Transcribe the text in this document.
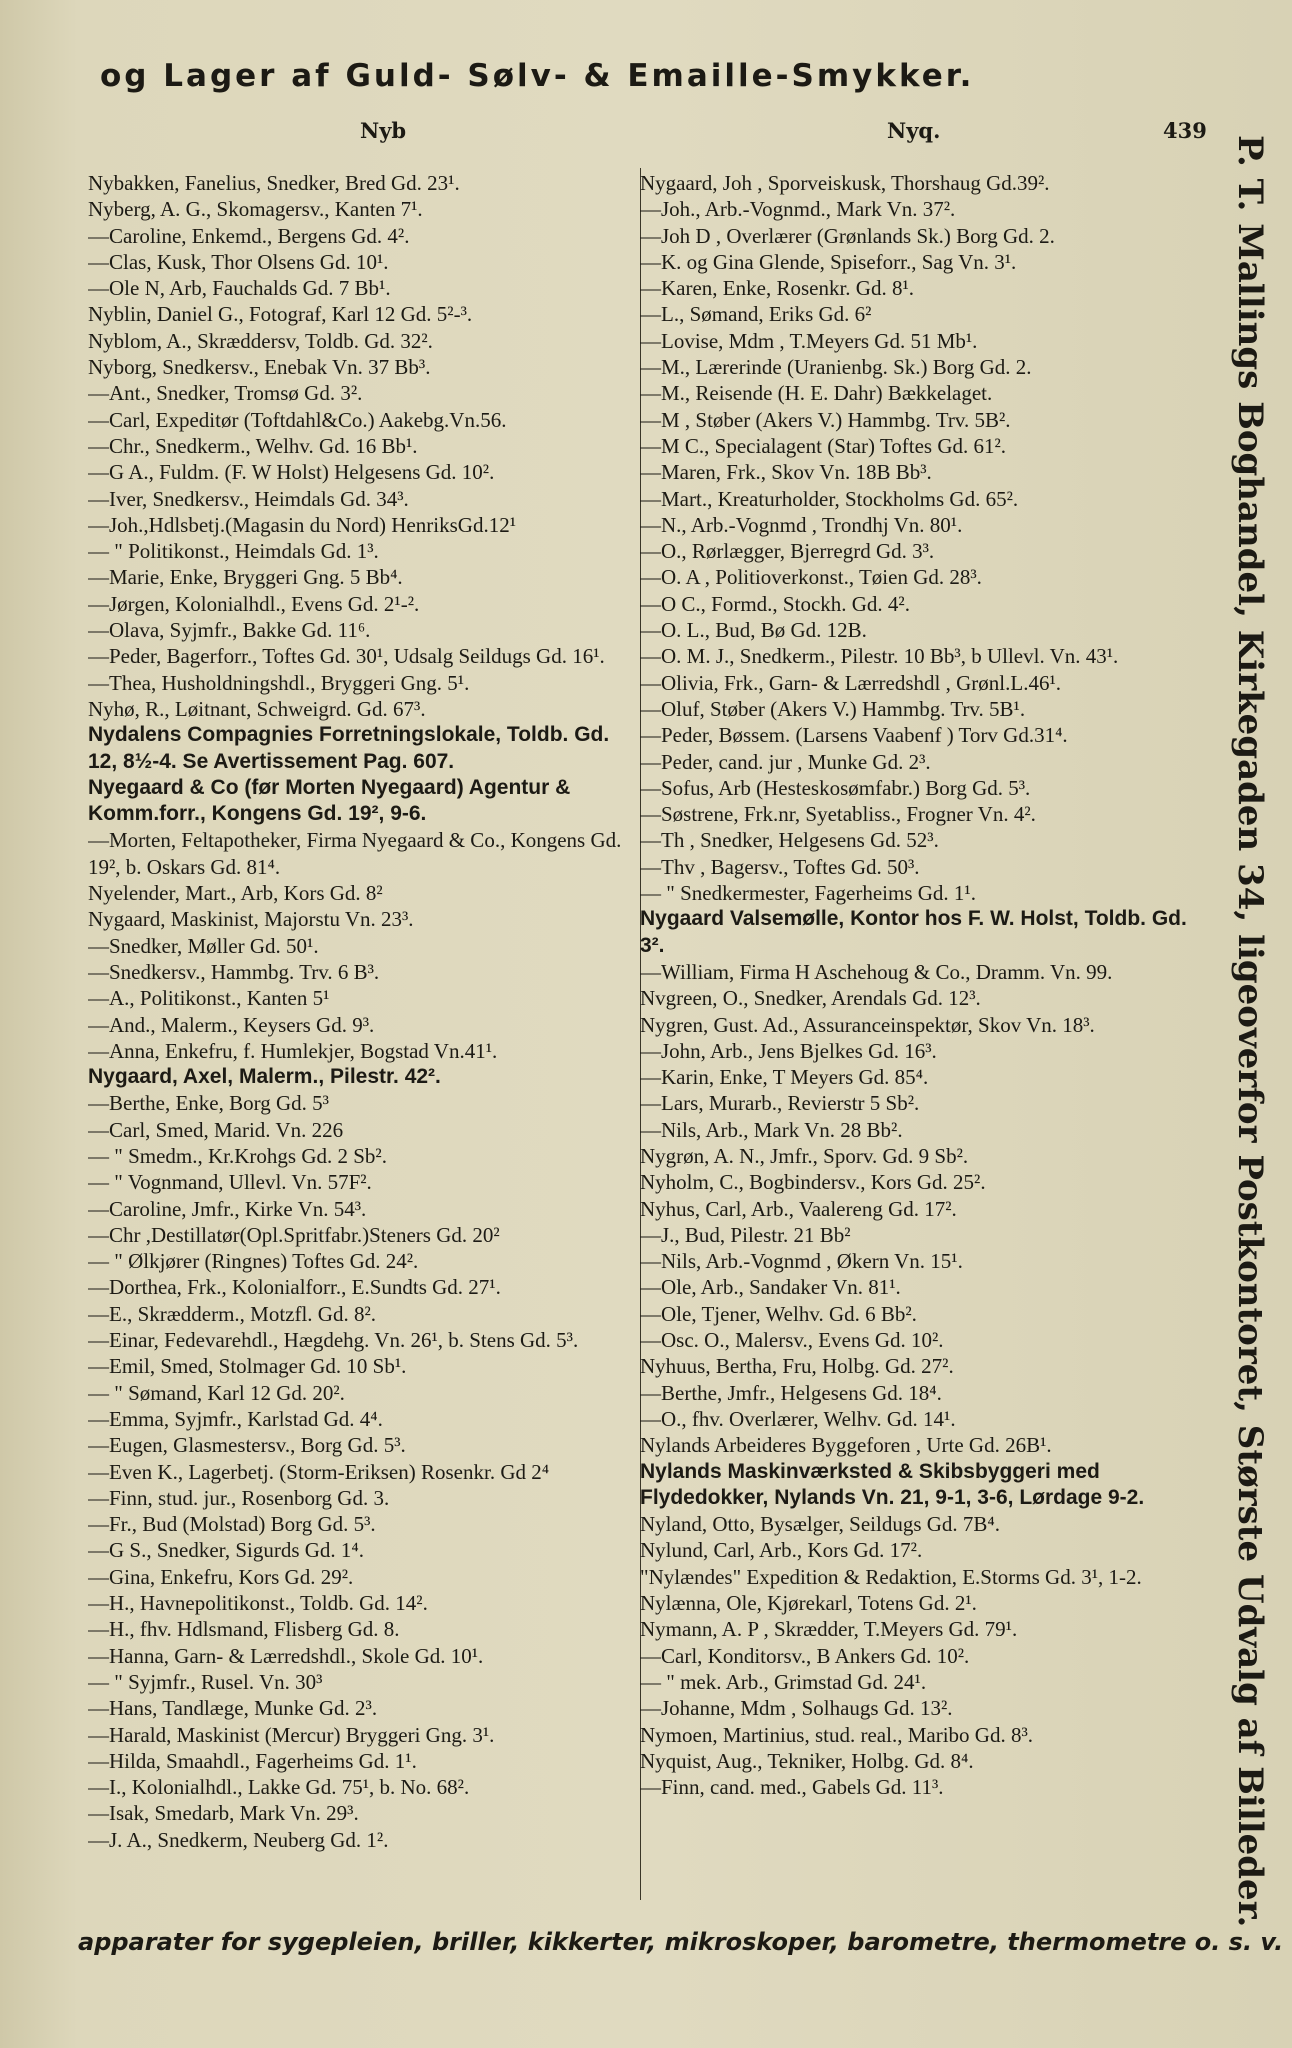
og Lager af Guld- Sølv- & Emaille-Smykker.
Nyb	Nyq.	439
Nybakken, Fanelius, Snedker, Bred Gd. 23¹.
Nyberg, A. G., Skomagersv., Kanten 7¹.
—Caroline, Enkemd., Bergens Gd. 4².
—Clas, Kusk, Thor Olsens Gd. 10¹.
—Ole N, Arb, Fauchalds Gd. 7 Bb¹.
Nyblin, Daniel G., Fotograf, Karl 12 Gd. 5²-³.
Nyblom, A., Skræddersv, Toldb. Gd. 32².
Nyborg, Snedkersv., Enebak Vn. 37 Bb³.
—Ant., Snedker, Tromsø Gd. 3².
—Carl, Expeditør (Toftdahl&Co.) Aakebg.Vn.56.
—Chr., Snedkerm., Welhv. Gd. 16 Bb¹.
—G A., Fuldm. (F. W Holst) Helgesens Gd. 10².
—Iver, Snedkersv., Heimdals Gd. 34³.
—Joh.,Hdlsbetj.(Magasin du Nord) HenriksGd.12¹
— " Politikonst., Heimdals Gd. 1³.
—Marie, Enke, Bryggeri Gng. 5 Bb⁴.
—Jørgen, Kolonialhdl., Evens Gd. 2¹-².
—Olava, Syjmfr., Bakke Gd. 11⁶.
—Peder, Bagerforr., Toftes Gd. 30¹, Udsalg Seildugs Gd. 16¹.
—Thea, Husholdningshdl., Bryggeri Gng. 5¹.
Nyhø, R., Løitnant, Schweigrd. Gd. 67³.
Nydalens Compagnies Forretningslokale, Toldb. Gd. 12, 8½-4. Se Avertissement Pag. 607.
Nyegaard & Co (før Morten Nyegaard) Agentur & Komm.forr., Kongens Gd. 19², 9-6.
—Morten, Feltapotheker, Firma Nyegaard & Co., Kongens Gd. 19², b. Oskars Gd. 81⁴.
Nyelender, Mart., Arb, Kors Gd. 8²
Nygaard, Maskinist, Majorstu Vn. 23³.
—Snedker, Møller Gd. 50¹.
—Snedkersv., Hammbg. Trv. 6 B³.
—A., Politikonst., Kanten 5¹
—And., Malerm., Keysers Gd. 9³.
—Anna, Enkefru, f. Humlekjer, Bogstad Vn.41¹.
Nygaard, Axel, Malerm., Pilestr. 42².
—Berthe, Enke, Borg Gd. 5³
—Carl, Smed, Marid. Vn. 226
— " Smedm., Kr.Krohgs Gd. 2 Sb².
— " Vognmand, Ullevl. Vn. 57F².
—Caroline, Jmfr., Kirke Vn. 54³.
—Chr ,Destillatør(Opl.Spritfabr.)Steners Gd. 20²
— " Ølkjører (Ringnes) Toftes Gd. 24².
—Dorthea, Frk., Kolonialforr., E.Sundts Gd. 27¹.
—E., Skrædderm., Motzfl. Gd. 8².
—Einar, Fedevarehdl., Hægdehg. Vn. 26¹, b. Stens Gd. 5³.
—Emil, Smed, Stolmager Gd. 10 Sb¹.
— " Sømand, Karl 12 Gd. 20².
—Emma, Syjmfr., Karlstad Gd. 4⁴.
—Eugen, Glasmestersv., Borg Gd. 5³.
—Even K., Lagerbetj. (Storm-Eriksen) Rosenkr. Gd 2⁴
—Finn, stud. jur., Rosenborg Gd. 3.
—Fr., Bud (Molstad) Borg Gd. 5³.
—G S., Snedker, Sigurds Gd. 1⁴.
—Gina, Enkefru, Kors Gd. 29².
—H., Havnepolitikonst., Toldb. Gd. 14².
—H., fhv. Hdlsmand, Flisberg Gd. 8.
—Hanna, Garn- & Lærredshdl., Skole Gd. 10¹.
— " Syjmfr., Rusel. Vn. 30³
—Hans, Tandlæge, Munke Gd. 2³.
—Harald, Maskinist (Mercur) Bryggeri Gng. 3¹.
—Hilda, Smaahdl., Fagerheims Gd. 1¹.
—I., Kolonialhdl., Lakke Gd. 75¹, b. No. 68².
—Isak, Smedarb, Mark Vn. 29³.
—J. A., Snedkerm, Neuberg Gd. 1².
Nygaard, Joh , Sporveiskusk, Thorshaug Gd.39².
—Joh., Arb.-Vognmd., Mark Vn. 37².
—Joh D , Overlærer (Grønlands Sk.) Borg Gd. 2.
—K. og Gina Glende, Spiseforr., Sag Vn. 3¹.
—Karen, Enke, Rosenkr. Gd. 8¹.
—L., Sømand, Eriks Gd. 6²
—Lovise, Mdm , T.Meyers Gd. 51 Mb¹.
—M., Lærerinde (Uranienbg. Sk.) Borg Gd. 2.
—M., Reisende (H. E. Dahr) Bækkelaget.
—M , Støber (Akers V.) Hammbg. Trv. 5B².
—M C., Specialagent (Star) Toftes Gd. 61².
—Maren, Frk., Skov Vn. 18B Bb³.
—Mart., Kreaturholder, Stockholms Gd. 65².
—N., Arb.-Vognmd , Trondhj Vn. 80¹.
—O., Rørlægger, Bjerregrd Gd. 3³.
—O. A , Politioverkonst., Tøien Gd. 28³.
—O C., Formd., Stockh. Gd. 4².
—O. L., Bud, Bø Gd. 12B.
—O. M. J., Snedkerm., Pilestr. 10 Bb³, b Ullevl. Vn. 43¹.
—Olivia, Frk., Garn- & Lærredshdl , Grønl.L.46¹.
—Oluf, Støber (Akers V.) Hammbg. Trv. 5B¹.
—Peder, Bøssem. (Larsens Vaabenf ) Torv Gd.31⁴.
—Peder, cand. jur , Munke Gd. 2³.
—Sofus, Arb (Hesteskosømfabr.) Borg Gd. 5³.
—Søstrene, Frk.nr, Syetabliss., Frogner Vn. 4².
—Th , Snedker, Helgesens Gd. 52³.
—Thv , Bagersv., Toftes Gd. 50³.
— " Snedkermester, Fagerheims Gd. 1¹.
Nygaard Valsemølle, Kontor hos F. W. Holst, Toldb. Gd. 3².
—William, Firma H Aschehoug & Co., Dramm. Vn. 99.
Nvgreen, O., Snedker, Arendals Gd. 12³.
Nygren, Gust. Ad., Assuranceinspektør, Skov Vn. 18³.
—John, Arb., Jens Bjelkes Gd. 16³.
—Karin, Enke, T Meyers Gd. 85⁴.
—Lars, Murarb., Revierstr 5 Sb².
—Nils, Arb., Mark Vn. 28 Bb².
Nygrøn, A. N., Jmfr., Sporv. Gd. 9 Sb².
Nyholm, C., Bogbindersv., Kors Gd. 25².
Nyhus, Carl, Arb., Vaalereng Gd. 17².
—J., Bud, Pilestr. 21 Bb²
—Nils, Arb.-Vognmd , Økern Vn. 15¹.
—Ole, Arb., Sandaker Vn. 81¹.
—Ole, Tjener, Welhv. Gd. 6 Bb².
—Osc. O., Malersv., Evens Gd. 10².
Nyhuus, Bertha, Fru, Holbg. Gd. 27².
—Berthe, Jmfr., Helgesens Gd. 18⁴.
—O., fhv. Overlærer, Welhv. Gd. 14¹.
Nylands Arbeideres Byggeforen , Urte Gd. 26B¹.
Nylands Maskinværksted & Skibsbyggeri med Flydedokker, Nylands Vn. 21, 9-1, 3-6, Lørdage 9-2.
Nyland, Otto, Bysælger, Seildugs Gd. 7B⁴.
Nylund, Carl, Arb., Kors Gd. 17².
"Nylændes" Expedition & Redaktion, E.Storms Gd. 3¹, 1-2.
Nylænna, Ole, Kjørekarl, Totens Gd. 2¹.
Nymann, A. P , Skrædder, T.Meyers Gd. 79¹.
—Carl, Konditorsv., B Ankers Gd. 10².
— " mek. Arb., Grimstad Gd. 24¹.
—Johanne, Mdm , Solhaugs Gd. 13².
Nymoen, Martinius, stud. real., Maribo Gd. 8³.
Nyquist, Aug., Tekniker, Holbg. Gd. 8⁴.
—Finn, cand. med., Gabels Gd. 11³.	P. T. Mallings Boghandel, Kirkegaden 34, ligeoverfor Postkontoret, Største Udvalg af Billeder.
apparater for sygepleien, briller, kikkerter, mikroskoper, barometre, thermometre o. s. v.
